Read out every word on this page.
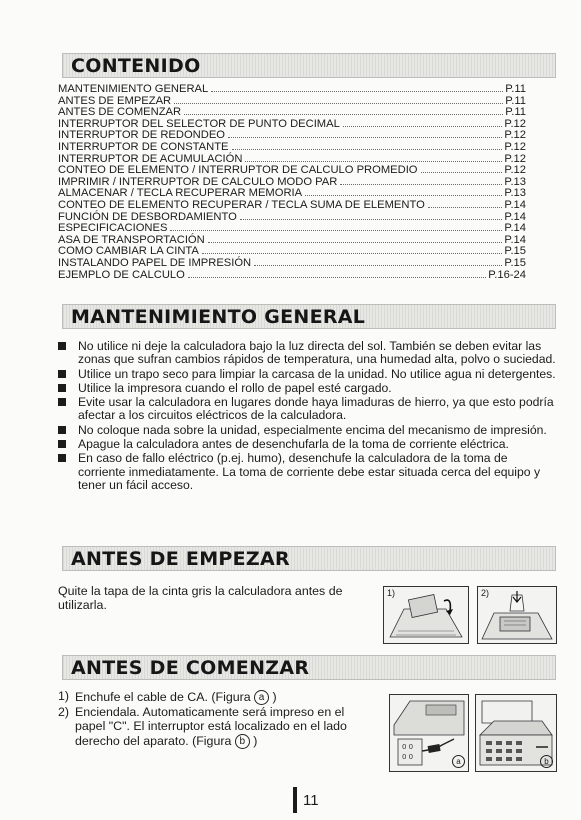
CONTENIDO
MANTENIMIENTO GENERAL	P.11
ANTES DE EMPEZAR	P.11
ANTES DE COMENZAR	P.11
INTERRUPTOR DEL SELECTOR DE PUNTO DECIMAL	P.12
INTERRUPTOR DE REDONDEO	P.12
INTERRUPTOR DE CONSTANTE	P.12
INTERRUPTOR DE ACUMULACIÓN	P.12
CONTEO DE ELEMENTO / INTERRUPTOR DE CALCULO PROMEDIO	P.12
IMPRIMIR / INTERRUPTOR DE CALCULO MODO PAR	P.13
ALMACENAR / TECLA RECUPERAR MEMORIA	P.13
CONTEO DE ELEMENTO RECUPERAR / TECLA SUMA DE ELEMENTO	P.14
FUNCIÓN DE DESBORDAMIENTO	P.14
ESPECIFICACIONES	P.14
ASA DE TRANSPORTACIÓN	P.14
COMO CAMBIAR LA CINTA	P.15
INSTALANDO PAPEL DE IMPRESIÓN	P.15
EJEMPLO DE CALCULO	P.16-24
MANTENIMIENTO GENERAL
No utilice ni deje la calculadora bajo la luz directa del sol. También se deben evitar las zonas que sufran cambios rápidos de temperatura, una humedad alta, polvo o suciedad.
Utilice un trapo seco para limpiar la carcasa de la unidad. No utilice agua ni detergentes.
Utilice la impresora cuando el rollo de papel esté cargado.
Evite usar la calculadora en lugares donde haya limaduras de hierro, ya que esto podría afectar a los circuitos eléctricos de la calculadora.
No coloque nada sobre la unidad, especialmente encima del mecanismo de impresión.
Apague la calculadora antes de desenchufarla de la toma de corriente eléctrica.
En caso de fallo eléctrico (p.ej. humo), desenchufe la calculadora de la toma de corriente inmediatamente. La toma de corriente debe estar situada cerca del equipo y tener un fácil acceso.
ANTES DE EMPEZAR
Quite la tapa de la cinta gris la calculadora antes de utilizarla.
1)	2)
ANTES DE COMENZAR
1) Enchufe el cable de CA. (Figura a )
2) Enciendala. Automaticamente será impreso en el papel "C". El interruptor está localizado en el lado derecho del aparato. (Figura b )	0 0
0 0	a	b
11
